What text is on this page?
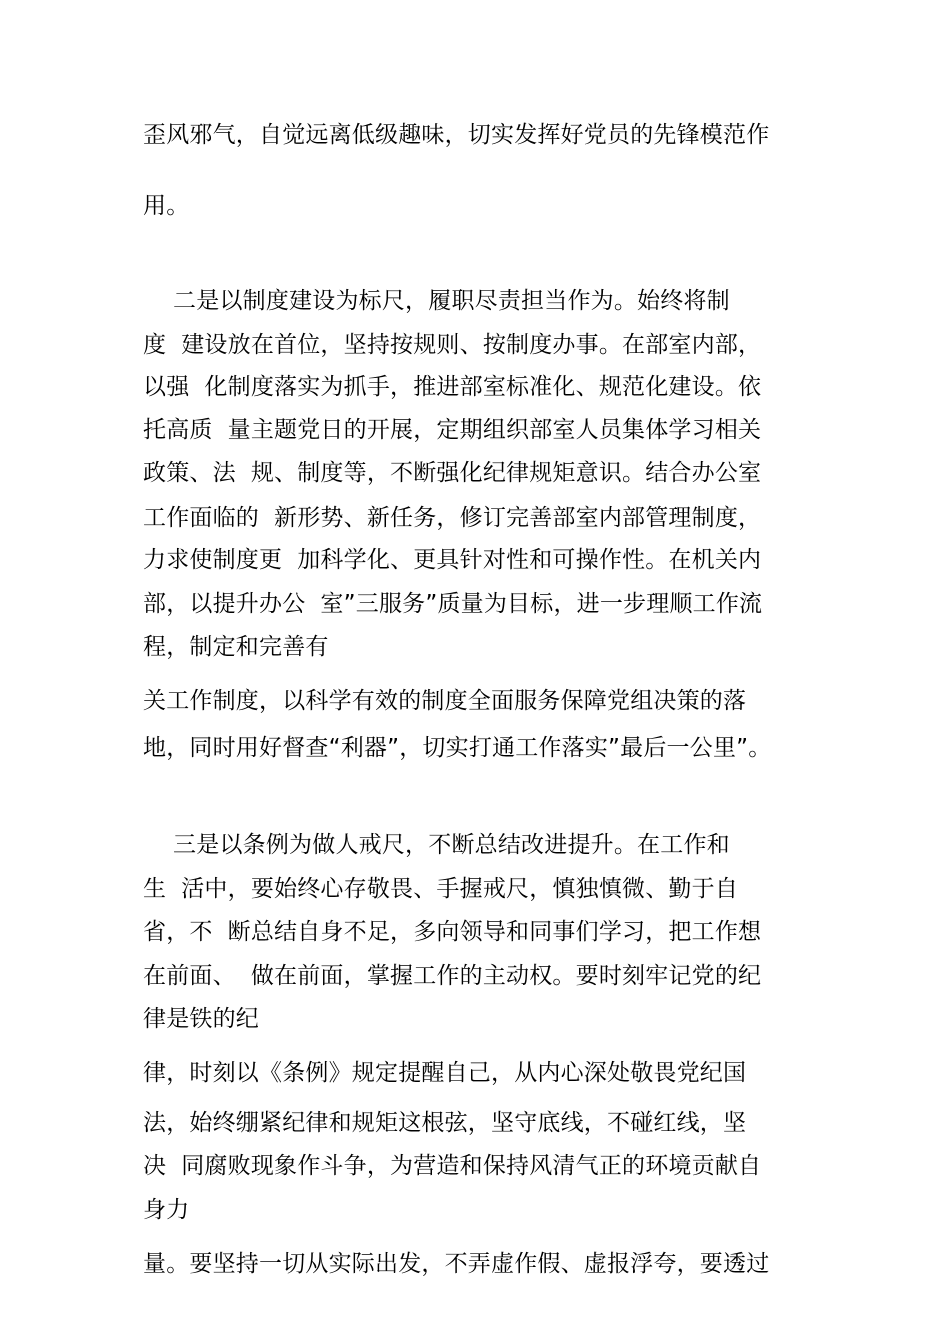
歪风邪气，自觉远离低级趣味，切实发挥好党员的先锋模范作
用。
二是以制度建设为标尺，履职尽责担当作为。始终将制
度  建设放在首位，坚持按规则、按制度办事。在部室内部，
以强  化制度落实为抓手，推进部室标准化、规范化建设。依
托高质  量主题党日的开展，定期组织部室人员集体学习相关
政策、法  规、制度等，不断强化纪律规矩意识。结合办公室
工作面临的  新形势、新任务，修订完善部室内部管理制度，
力求使制度更  加科学化、更具针对性和可操作性。在机关内
部，以提升办公  室”三服务”质量为目标，进一步理顺工作流
程，制定和完善有
关工作制度，以科学有效的制度全面服务保障党组决策的落
地，同时用好督查“利器”，切实打通工作落实”最后一公里”。
三是以条例为做人戒尺，不断总结改进提升。在工作和
生  活中，要始终心存敬畏、手握戒尺，慎独慎微、勤于自
省，不  断总结自身不足，多向领导和同事们学习，把工作想
在前面、  做在前面，掌握工作的主动权。要时刻牢记党的纪
律是铁的纪
律，时刻以《条例》规定提醒自己，从内心深处敬畏党纪国
法，始终绷紧纪律和规矩这根弦，坚守底线，不碰红线，坚
决  同腐败现象作斗争，为营造和保持风清气正的环境贡献自
身力
量。要坚持一切从实际出发，不弄虚作假、虚报浮夸，要透过
